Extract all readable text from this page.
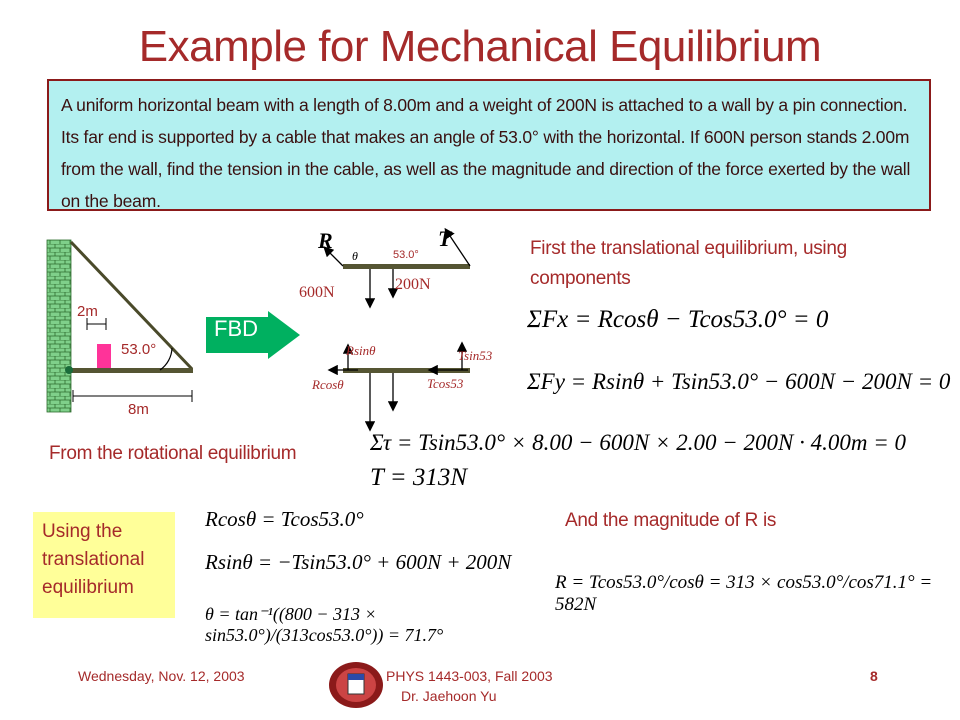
Example for Mechanical Equilibrium
A uniform horizontal beam with a length of 8.00m and a weight of 200N is attached to a wall by a pin connection. Its far end is supported by a cable that makes an angle of 53.0° with the horizontal. If 600N person stands 2.00m from the wall, find the tension in the cable, as well as the magnitude and direction of the force exerted by the wall on the beam.
2m
53.0°
8m
FBD
R	T
θ	53.0°
600N	200N
Rsinθ
Rcosθ
Tsin53
Tcos53
First the translational equilibrium, using components
ΣFx = Rcosθ − Tcos53.0° = 0
ΣFy = Rsinθ + Tsin53.0° − 600N − 200N = 0
From the rotational equilibrium	Στ = Tsin53.0° × 8.00 − 600N × 2.00 − 200N · 4.00m = 0
T = 313N
Using the translational equilibrium
Rcosθ = Tcos53.0°
Rsinθ = −Tsin53.0° + 600N + 200N
θ = tan⁻¹((800 − 313 × sin53.0°)/(313cos53.0°)) = 71.7°
And the magnitude of R is
R = Tcos53.0°/cosθ = 313 × cos53.0°/cos71.1° = 582N
Wednesday, Nov. 12, 2003	PHYS 1443-003, Fall 2003
Dr. Jaehoon Yu
8
